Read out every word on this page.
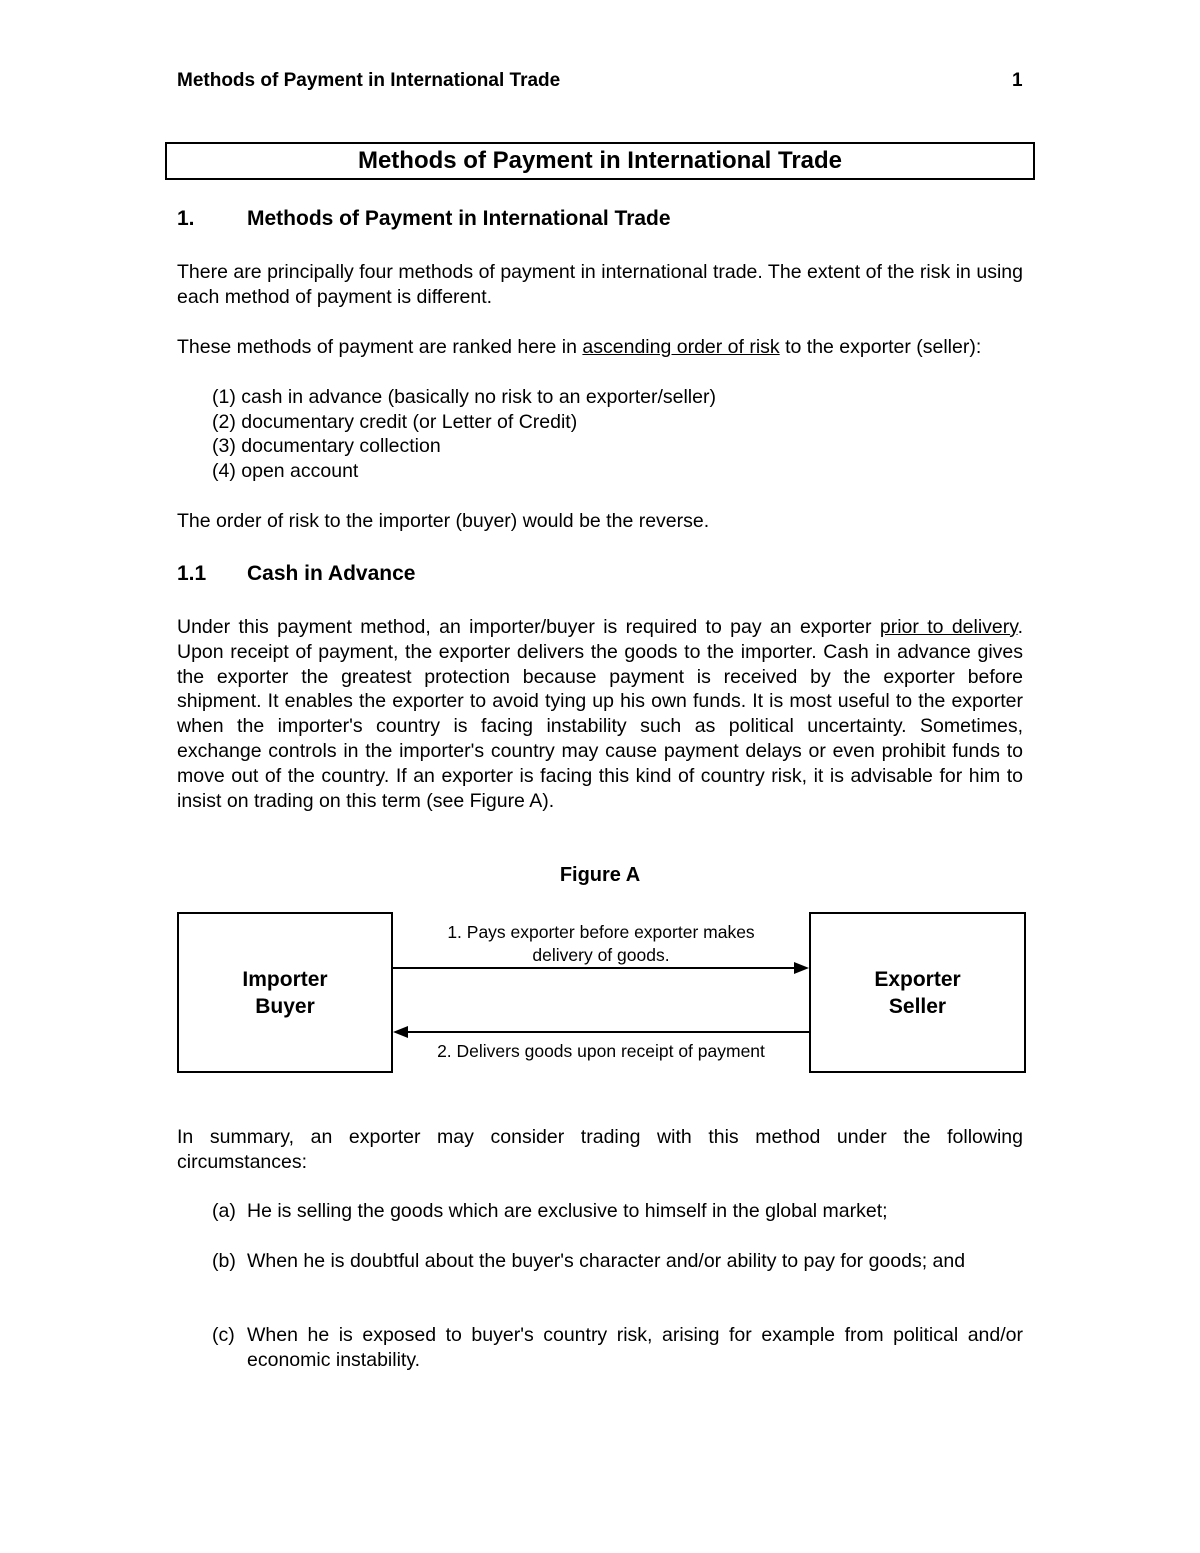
Methods of Payment in International Trade	1
Methods of Payment in International Trade
1. Methods of Payment in International Trade
There are principally four methods of payment in international trade. The extent of the risk in using each method of payment is different.
These methods of payment are ranked here in ascending order of risk to the exporter (seller):
(1) cash in advance (basically no risk to an exporter/seller)
(2) documentary credit (or Letter of Credit)
(3) documentary collection
(4) open account
The order of risk to the importer (buyer) would be the reverse.
1.1 Cash in Advance
Under this payment method, an importer/buyer is required to pay an exporter prior to delivery. Upon receipt of payment, the exporter delivers the goods to the importer. Cash in advance gives the exporter the greatest protection because payment is received by the exporter before shipment. It enables the exporter to avoid tying up his own funds. It is most useful to the exporter when the importer's country is facing instability such as political uncertainty. Sometimes, exchange controls in the importer's country may cause payment delays or even prohibit funds to move out of the country. If an exporter is facing this kind of country risk, it is advisable for him to insist on trading on this term (see Figure A).
Figure A
Importer
Buyer
Exporter
Seller
1. Pays exporter before exporter makes delivery of goods.
2. Delivers goods upon receipt of payment
In summary, an exporter may consider trading with this method under the following circumstances:
(a) He is selling the goods which are exclusive to himself in the global market;
(b) When he is doubtful about the buyer's character and/or ability to pay for goods; and
(c) When he is exposed to buyer's country risk, arising for example from political and/or economic instability.
